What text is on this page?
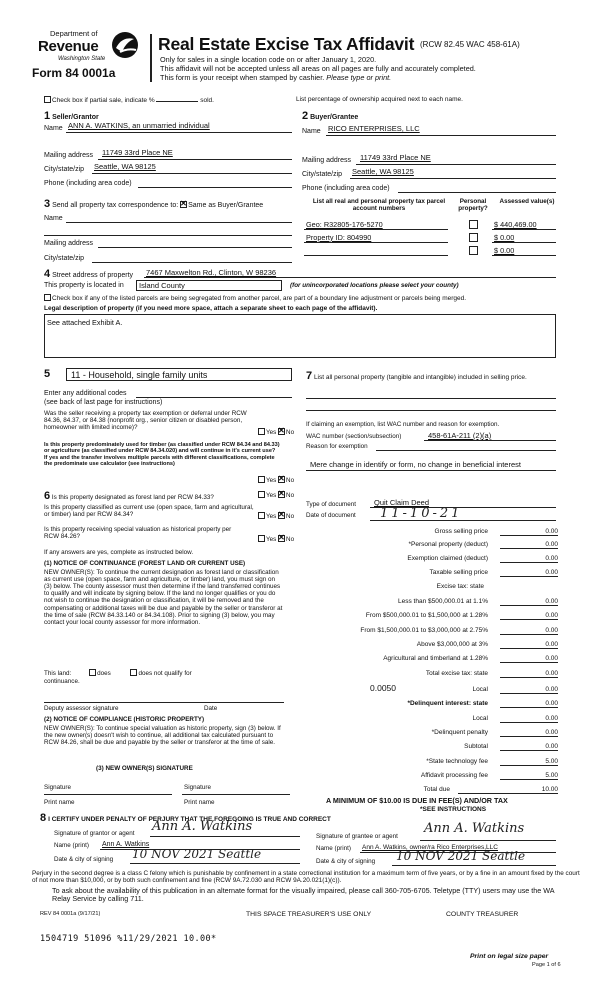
Department of
Revenue
Washington State
Form 84 0001a
Real Estate Excise Tax Affidavit (RCW 82.45 WAC 458-61A)
Only for sales in a single location code on or after January 1, 2020.
This affidavit will not be accepted unless all areas on all pages are fully and accurately completed.
This form is your receipt when stamped by cashier. Please type or print.
Check box if partial sale, indicate %	sold.	List percentage of ownership acquired next to each name.
1 Seller/Grantor
Name ANN A. WATKINS, an unmarried individual
Mailing address 11749 33rd Place NE
City/state/zip Seattle, WA 98125
Phone (including area code)
2 Buyer/Grantee
Name RICO ENTERPRISES, LLC
Mailing address 11749 33rd Place NE
City/state/zip Seattle, WA 98125
Phone (including area code)
3 Send all property tax correspondence to: ✕ Same as Buyer/Grantee
Name
Mailing address
City/state/zip
List all real and personal property tax parcel account numbers
Personal property?
Assessed value(s)
Geo: R32805-176-5270	$ 440,469.00
Property ID: 804990	$ 0.00
$ 0.00
4 Street address of property 7467 Maxwelton Rd., Clinton, W 98236
This property is located in Island County	(for unincorporated locations please select your county)
Check box if any of the listed parcels are being segregated from another parcel, are part of a boundary line adjustment or parcels being merged.
Legal description of property (if you need more space, attach a separate sheet to each page of the affidavit).
See attached Exhibit A.
5 11 - Household, single family units
Enter any additional codes
(see back of last page for instructions)
Was the seller receiving a property tax exemption or deferral under RCW 84.36, 84.37, or 84.38 (nonprofit org., senior citizen or disabled person, homeowner with limited income)?
Yes ✕ No
Is this property predominately used for timber (as classified under RCW 84.34 and 84.33) or agriculture (as classified under RCW 84.34.020) and will continue in it's current use? If yes and the transfer involves multiple parcels with different classifications, complete the predominate use calculator (see instructions)
Yes ✕ No
6 Is this property designated as forest land per RCW 84.33?	Yes ✕ No
Is this property classified as current use (open space, farm and agricultural, or timber) land per RCW 84.34?	Yes ✕ No
Is this property receiving special valuation as historical property per RCW 84.26?	Yes ✕ No
If any answers are yes, complete as instructed below.
(1) NOTICE OF CONTINUANCE (FOREST LAND OR CURRENT USE)
NEW OWNER(S): To continue the current designation as forest land or classification as current use (open space, farm and agriculture, or timber) land, you must sign on (3) below. The county assessor must then determine if the land transferred continues to qualify and will indicate by signing below. If the land no longer qualifies or you do not wish to continue the designation or classification, it will be removed and the compensating or additional taxes will be due and payable by the seller or transferor at the time of sale (RCW 84.33.140 or 84.34.108). Prior to signing (3) below, you may contact your local county assessor for more information.
This land:	does	does not qualify for
continuance.
Deputy assessor signature	Date
(2) NOTICE OF COMPLIANCE (HISTORIC PROPERTY)
NEW OWNER(S): To continue special valuation as historic property, sign (3) below. If the new owner(s) doesn't wish to continue, all additional tax calculated pursuant to RCW 84.26, shall be due and payable by the seller or transferor at the time of sale.
(3) NEW OWNER(S) SIGNATURE
Signature	Signature
Print name	Print name
7 List all personal property (tangible and intangible) included in selling price.
If claiming an exemption, list WAC number and reason for exemption.
WAC number (section/subsection)	458-61A-211 (2)(a)
Reason for exemption
Mere change in identify or form, no change in beneficial interest
Type of document Quit Claim Deed
Date of document 11-10-21
Gross selling price	0.00
*Personal property (deduct)	0.00
Exemption claimed (deduct)	0.00
Taxable selling price	0.00
Excise tax: state
Less than $500,000.01 at 1.1%	0.00
From $500,000.01 to $1,500,000 at 1.28%	0.00
From $1,500,000.01 to $3,000,000 at 2.75%	0.00
Above $3,000,000 at 3%	0.00
Agricultural and timberland at 1.28%	0.00
Total excise tax: state	0.00
0.0050	Local	0.00
*Delinquent interest: state	0.00
Local	0.00
*Delinquent penalty	0.00
Subtotal	0.00
*State technology fee	5.00
Affidavit processing fee	5.00
Total due	10.00
A MINIMUM OF $10.00 IS DUE IN FEE(S) AND/OR TAX
*SEE INSTRUCTIONS
8 I CERTIFY UNDER PENALTY OF PERJURY THAT THE FOREGOING IS TRUE AND CORRECT
Signature of grantor or agent Ann A. Watkins
Name (print) Ann A. Watkins
Date & city of signing 10 NOV 2021 Seattle
Signature of grantee or agent
Ann A. Watkins
Name (print) Ann A. Watkins, owner/ra Rico Enterprises,LLC
Date & city of signing 10 NOV 2021 Seattle
Perjury in the second degree is a class C felony which is punishable by confinement in a state correctional institution for a maximum term of five years, or by a fine in an amount fixed by the court of not more than $10,000, or by both such confinement and fine (RCW 9A.72.030 and RCW 9A.20.021(1)(c)).
To ask about the availability of this publication in an alternate format for the visually impaired, please call 360-705-6705. Teletype (TTY) users may use the WA Relay Service by calling 711.
REV 84 0001a (9/17/21)	THIS SPACE TREASURER'S USE ONLY	COUNTY TREASURER
1504719 51096 %11/29/2021 10.00*
Print on legal size paper
Page 1 of 6
